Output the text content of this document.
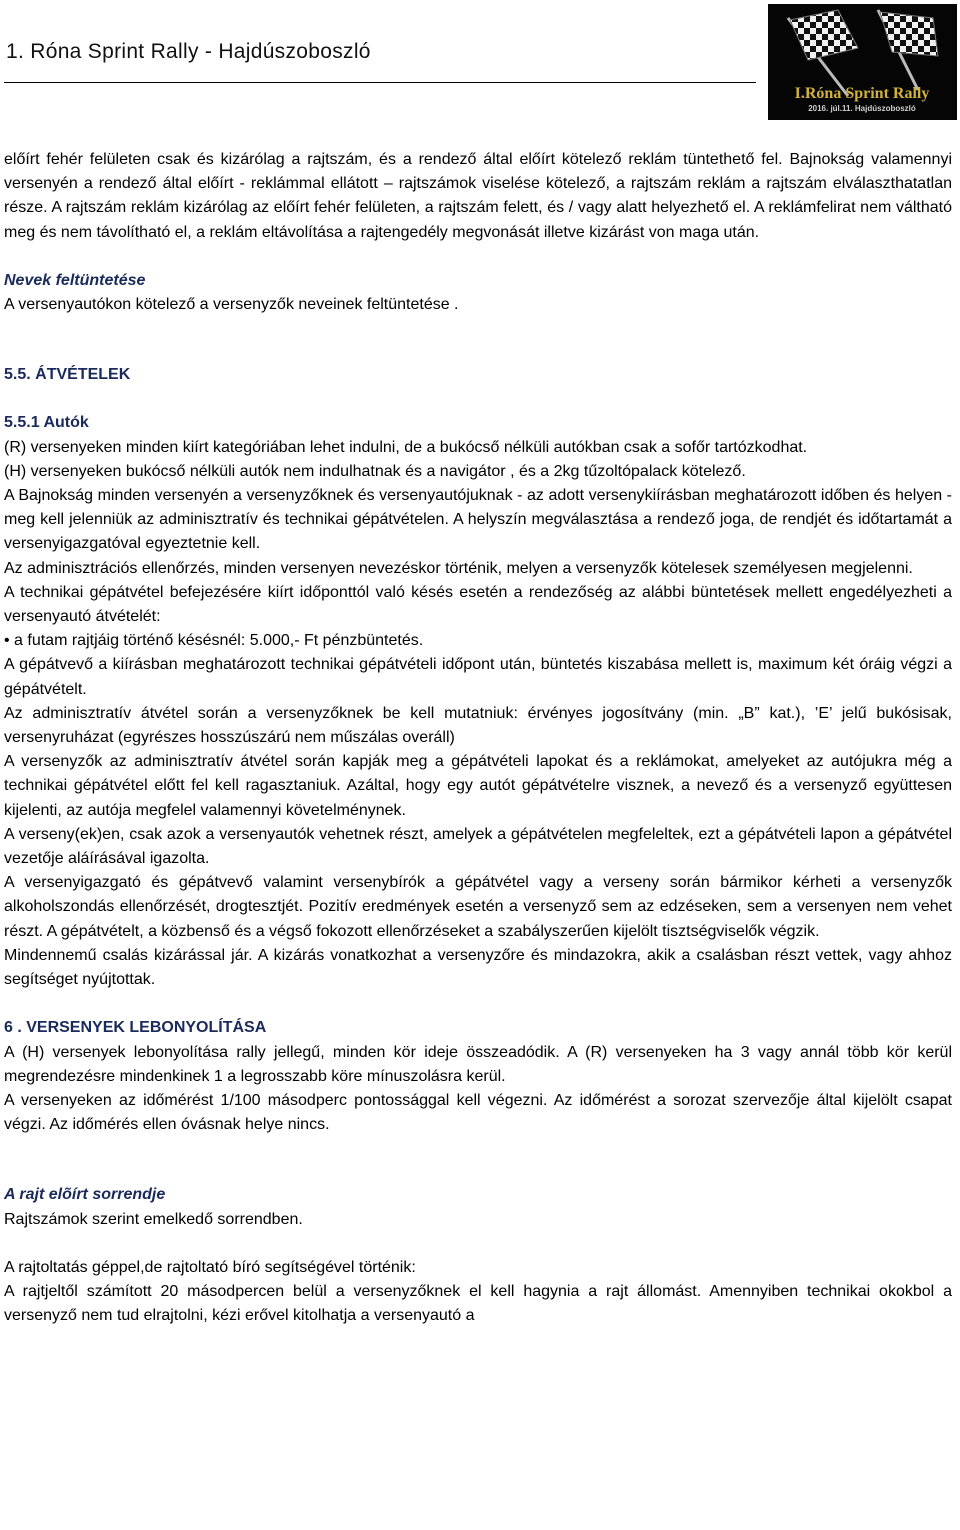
1. Róna Sprint Rally - Hajdúszoboszló
I.Róna Sprint Rally
2016. júl.11. Hajdúszoboszló

előírt fehér felületen csak és kizárólag a rajtszám, és a rendező által előírt kötelező reklám tüntethető fel. Bajnokság valamennyi versenyén a rendező által előírt - reklámmal ellátott – rajtszámok viselése kötelező, a rajtszám reklám a rajtszám elválaszthatatlan része. A rajtszám reklám kizárólag az előírt fehér felületen, a rajtszám felett, és / vagy alatt helyezhető el. A reklámfelirat nem váltható meg és nem távolítható el, a reklám eltávolítása a rajtengedély megvonását illetve kizárást von maga után.

Nevek feltüntetése

A versenyautókon kötelező a versenyzők neveinek feltüntetése .

5.5. ÁTVÉTELEK

5.5.1 Autók

(R) versenyeken minden kiírt kategóriában lehet indulni, de a bukócső nélküli autókban csak a sofőr tartózkodhat.

(H) versenyeken bukócső nélküli autók nem indulhatnak és a navigátor , és a 2kg tűzoltópalack kötelező.

A Bajnokság minden versenyén a versenyzőknek és versenyautójuknak - az adott versenykiírásban meghatározott időben és helyen - meg kell jelenniük az adminisztratív és technikai gépátvételen. A helyszín megválasztása a rendező joga, de rendjét és időtartamát a versenyigazgatóval egyeztetnie kell.

Az adminisztrációs ellenőrzés, minden versenyen nevezéskor történik, melyen a versenyzők kötelesek személyesen megjelenni.

A technikai gépátvétel befejezésére kiírt időponttól való késés esetén a rendezőség az alábbi büntetések mellett engedélyezheti a versenyautó átvételét:

• a futam rajtjáig történő késésnél: 5.000,- Ft pénzbüntetés.

A gépátvevő a kiírásban meghatározott technikai gépátvételi időpont után, büntetés kiszabása mellett is, maximum két óráig végzi a gépátvételt.

Az adminisztratív átvétel során a versenyzőknek be kell mutatniuk: érvényes jogosítvány (min. „B” kat.), ’E’ jelű bukósisak, versenyruházat (egyrészes hosszúszárú nem műszálas overáll)

A versenyzők az adminisztratív átvétel során kapják meg a gépátvételi lapokat és a reklámokat, amelyeket az autójukra még a technikai gépátvétel előtt fel kell ragasztaniuk. Azáltal, hogy egy autót gépátvételre visznek, a nevező és a versenyző együttesen kijelenti, az autója megfelel valamennyi követelménynek.

A verseny(ek)en, csak azok a versenyautók vehetnek részt, amelyek a gépátvételen megfeleltek, ezt a gépátvételi lapon a gépátvétel vezetője aláírásával igazolta.

A versenyigazgató és gépátvevő valamint versenybírók a gépátvétel vagy a verseny során bármikor kérheti a versenyzők alkoholszondás ellenőrzését, drogtesztjét. Pozitív eredmények esetén a versenyző sem az edzéseken, sem a versenyen nem vehet részt. A gépátvételt, a közbenső és a végső fokozott ellenőrzéseket a szabályszerűen kijelölt tisztségviselők végzik.

Mindennemű csalás kizárással jár. A kizárás vonatkozhat a versenyzőre és mindazokra, akik a csalásban részt vettek, vagy ahhoz segítséget nyújtottak.

6 . VERSENYEK LEBONYOLÍTÁSA

A (H) versenyek lebonyolítása rally jellegű, minden kör ideje összeadódik. A (R) versenyeken ha 3 vagy annál több kör kerül megrendezésre mindenkinek 1 a legrosszabb köre mínuszolásra kerül.

A versenyeken az időmérést 1/100 másodperc pontossággal kell végezni. Az időmérést a sorozat szervezője által kijelölt csapat végzi. Az időmérés ellen óvásnak helye nincs.

A rajt elõírt sorrendje

Rajtszámok szerint emelkedő sorrendben.

A rajtoltatás géppel,de rajtoltató bíró segítségével történik:

A rajtjeltől számított 20 másodpercen belül a versenyzőknek el kell hagynia a rajt állomást. Amennyiben technikai okokbol a versenyző nem tud elrajtolni, kézi erővel kitolhatja a versenyautó a
